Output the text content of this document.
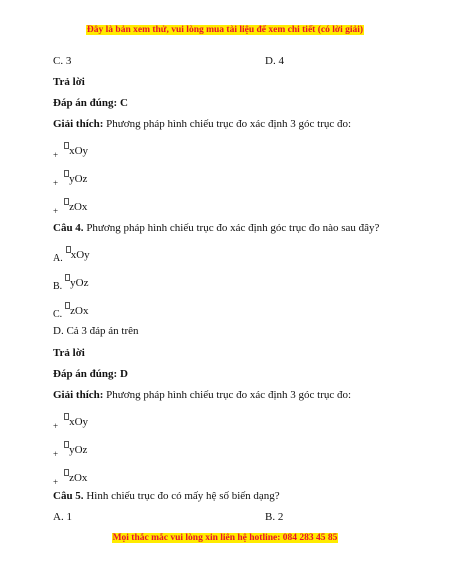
Đây là bản xem thử, vui lòng mua tài liệu để xem chi tiết (có lời giải)
C. 3	D. 4
Trả lời
Đáp án đúng: C
Giải thích: Phương pháp hình chiếu trục đo xác định 3 góc trục đo:
$_+$ xOy
$_+$ yOz
$_+$ zOx
Câu 4. Phương pháp hình chiếu trục đo xác định góc trục đo nào sau đây?
A. xOy
B. yOz
C. zOx
D. Cả 3 đáp án trên
Trả lời
Đáp án đúng: D
Giải thích: Phương pháp hình chiếu trục đo xác định 3 góc trục đo:
$_+$ xOy
$_+$ yOz
$_+$ zOx
Câu 5. Hình chiếu trục đo có mấy hệ số biến dạng?
A. 1	B. 2
Mọi thắc mắc vui lòng xin liên hệ hotline: 084 283 45 85
